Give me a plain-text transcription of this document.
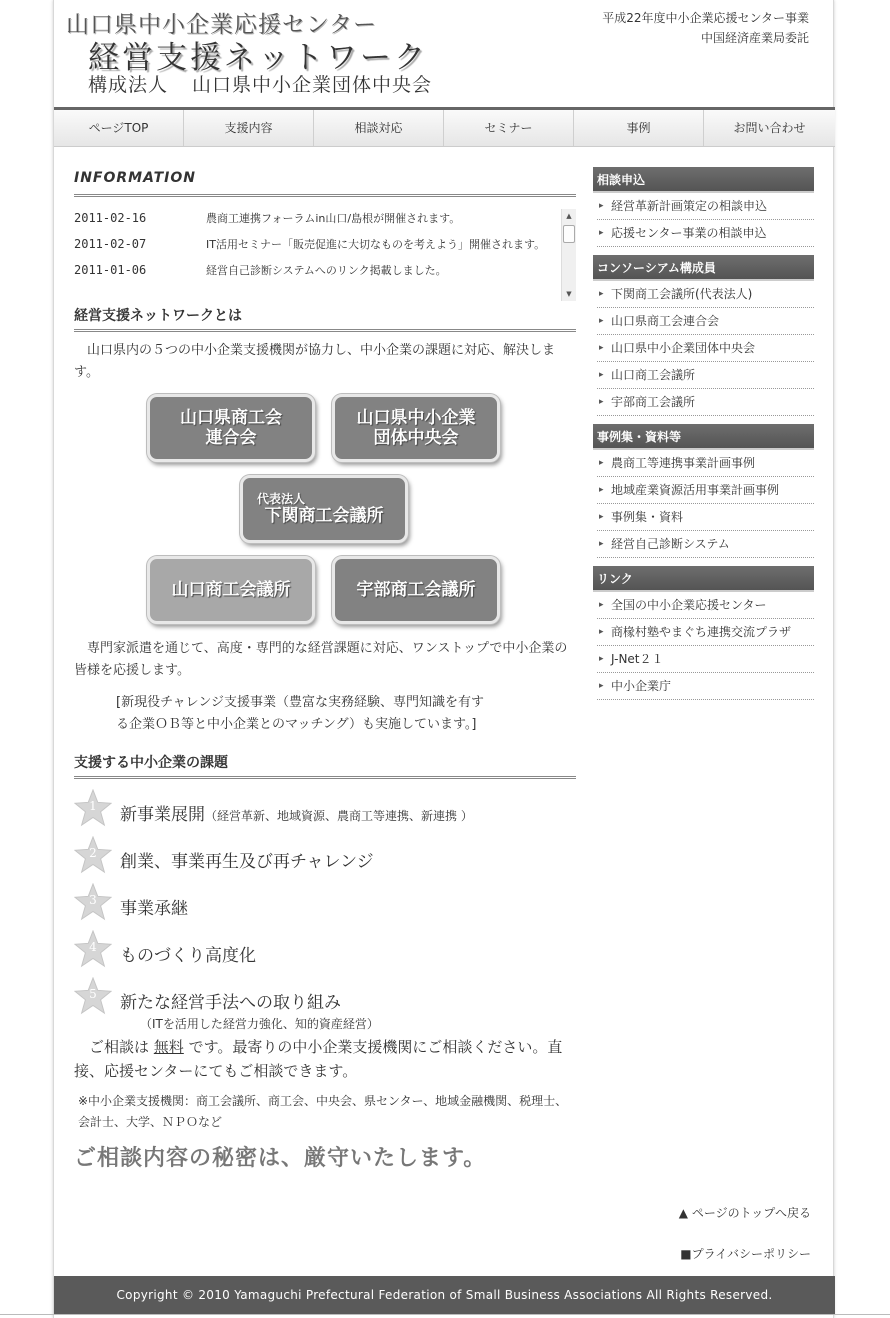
山口県中小企業応援センター
経営支援ネットワーク
構成法人 山口県中小企業団体中央会
平成22年度中小企業応援センター事業
中国経済産業局委託
ページTOP	支援内容	相談対応	セミナー	事例	お問い合わせ
INFORMATION
2011-02-16	農商工連携フォーラムin山口/島根が開催されます。
2011-02-07	IT活用セミナー「販売促進に大切なものを考えよう」開催されます。
2011-01-06	経営自己診断システムへのリンク掲載しました。
▲
▼
経営支援ネットワークとは
　山口県内の５つの中小企業支援機関が協力し、中小企業の課題に対応、解決します。
山口県商工会
連合会
山口県中小企業
団体中央会
代表法人
下関商工会議所
山口商工会議所	宇部商工会議所
　専門家派遣を通じて、高度・専門的な経営課題に対応、ワンストップで中小企業の皆様を応援します。
[新現役チャレンジ支援事業（豊富な実務経験、専門知識を有す
る企業ＯＢ等と中小企業とのマッチング）も実施しています。]
支援する中小企業の課題
1	新事業展開（経営革新、地域資源、農商工等連携、新連携 ）
2	創業、事業再生及び再チャレンジ
3	事業承継
4	ものづくり高度化
5	新たな経営手法への取り組み
（ITを活用した経営力強化、知的資産経営）
　ご相談は 無料 です。最寄りの中小企業支援機関にご相談ください。直接、応援センターにてもご相談できます。
※中小企業支援機関：商工会議所、商工会、中央会、県センター、地域金融機関、税理士、会計士、大学、ＮＰＯなど
ご相談内容の秘密は、厳守いたします。
相談申込
▸ 経営革新計画策定の相談申込
▸ 応援センター事業の相談申込
コンソーシアム構成員
▸ 下関商工会議所(代表法人)
▸ 山口県商工会連合会
▸ 山口県中小企業団体中央会
▸ 山口商工会議所
▸ 宇部商工会議所
事例集・資料等
▸ 農商工等連携事業計画事例
▸ 地域産業資源活用事業計画事例
▸ 事例集・資料
▸ 経営自己診断システム
リンク
▸ 全国の中小企業応援センター
▸ 商椽村塾やまぐち連携交流プラザ
▸ J-Net２１
▸ 中小企業庁
▲ ページのトップへ戻る
■プライバシーポリシー
Copyright © 2010 Yamaguchi Prefectural Federation of Small Business Associations All Rights Reserved.
